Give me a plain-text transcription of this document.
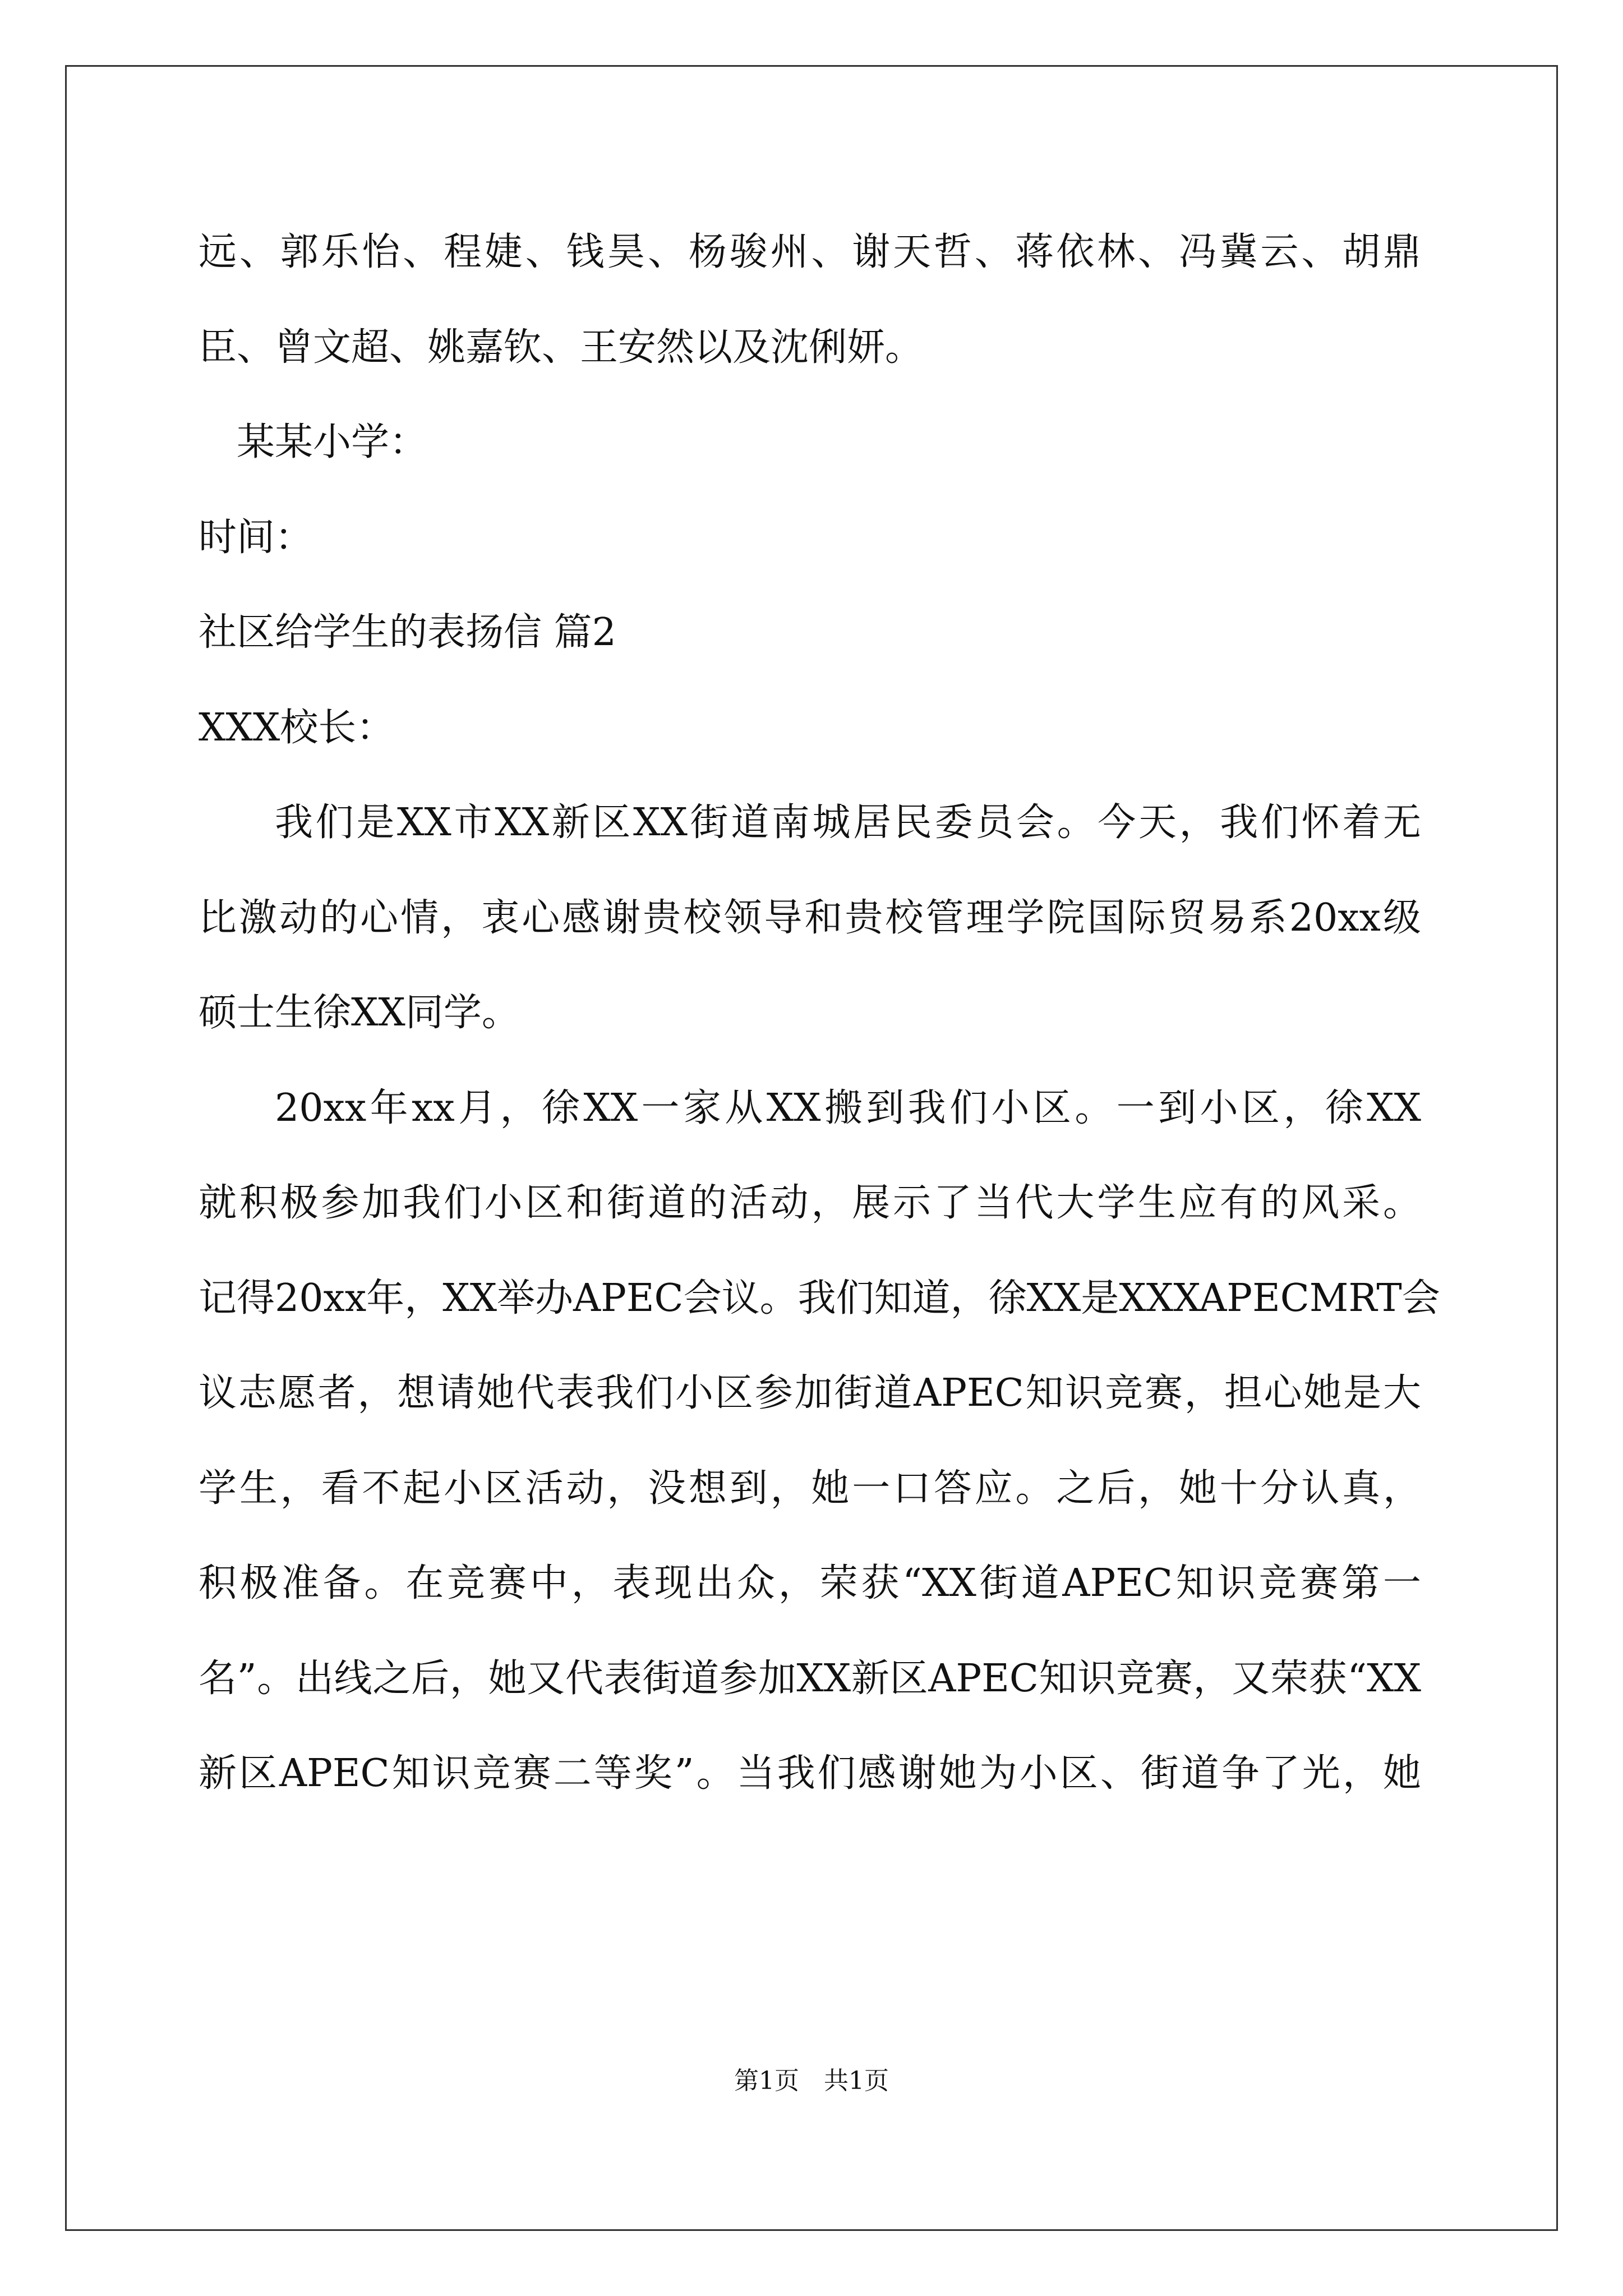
远、郭乐怡、程婕、钱昊、杨骏州、谢天哲、蒋依林、冯冀云、胡鼎
臣、曾文超、姚嘉钦、王安然以及沈俐妍。
某某小学：
时间：
社区给学生的表扬信 篇2
XXX校长：
我们是XX市XX新区XX街道南城居民委员会。今天，我们怀着无
比激动的心情，衷心感谢贵校领导和贵校管理学院国际贸易系20xx级
硕士生徐XX同学。
20xx年xx月，徐XX一家从XX搬到我们小区。一到小区，徐XX
就积极参加我们小区和街道的活动，展示了当代大学生应有的风采。
记得20xx年，XX举办APEC会议。我们知道，徐XX是XXXAPECMRT会
议志愿者，想请她代表我们小区参加街道APEC知识竞赛，担心她是大
学生，看不起小区活动，没想到，她一口答应。之后，她十分认真，
积极准备。在竞赛中，表现出众，荣获“XX街道APEC知识竞赛第一
名”。出线之后，她又代表街道参加XX新区APEC知识竞赛，又荣获“XX
新区APEC知识竞赛二等奖”。当我们感谢她为小区、街道争了光，她
第1页 共1页
